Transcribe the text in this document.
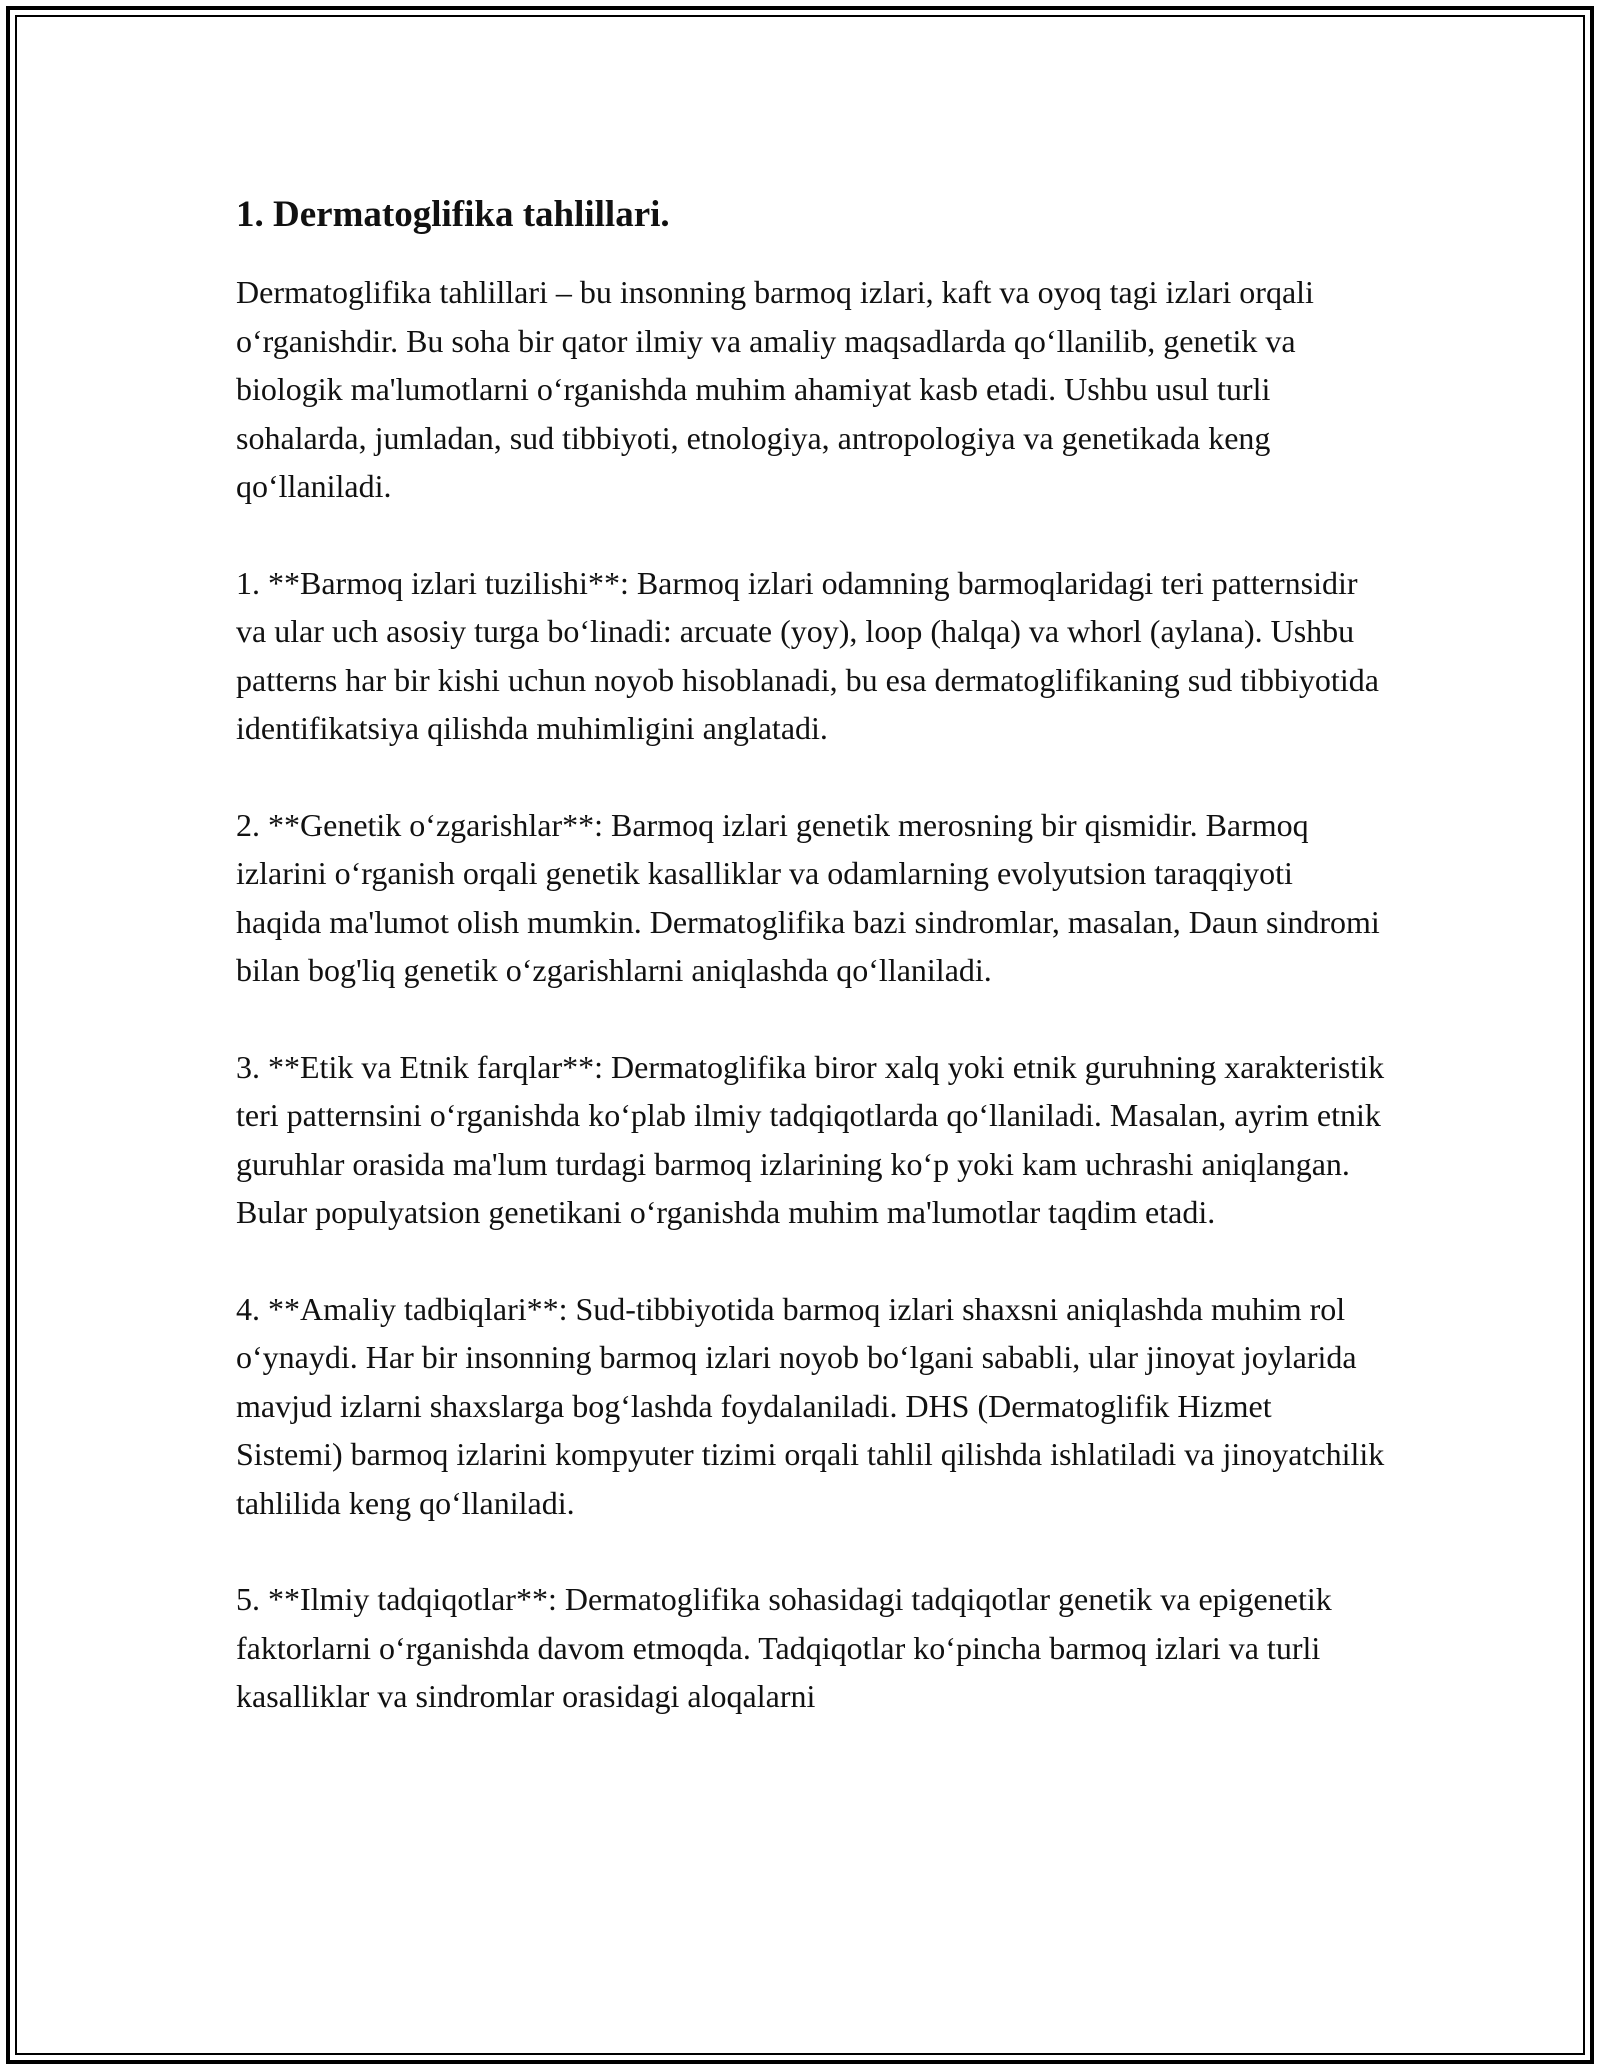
1. Dermatoglifika tahlillari.

Dermatoglifika tahlillari – bu insonning barmoq izlari, kaft va oyoq tagi izlari orqali o‘rganishdir. Bu soha bir qator ilmiy va amaliy maqsadlarda qo‘llanilib, genetik va biologik ma'lumotlarni o‘rganishda muhim ahamiyat kasb etadi. Ushbu usul turli sohalarda, jumladan, sud tibbiyoti, etnologiya, antropologiya va genetikada keng qo‘llaniladi.

1. **Barmoq izlari tuzilishi**: Barmoq izlari odamning barmoqlaridagi teri patternsidir va ular uch asosiy turga bo‘linadi: arcuate (yoy), loop (halqa) va whorl (aylana). Ushbu patterns har bir kishi uchun noyob hisoblanadi, bu esa dermatoglifikaning sud tibbiyotida identifikatsiya qilishda muhimligini anglatadi.

2. **Genetik o‘zgarishlar**: Barmoq izlari genetik merosning bir qismidir. Barmoq izlarini o‘rganish orqali genetik kasalliklar va odamlarning evolyutsion taraqqiyoti haqida ma'lumot olish mumkin. Dermatoglifika bazi sindromlar, masalan, Daun sindromi bilan bog'liq genetik o‘zgarishlarni aniqlashda qo‘llaniladi.

3. **Etik va Etnik farqlar**: Dermatoglifika biror xalq yoki etnik guruhning xarakteristik teri patternsini o‘rganishda ko‘plab ilmiy tadqiqotlarda qo‘llaniladi. Masalan, ayrim etnik guruhlar orasida ma'lum turdagi barmoq izlarining ko‘p yoki kam uchrashi aniqlangan. Bular populyatsion genetikani o‘rganishda muhim ma'lumotlar taqdim etadi.

4. **Amaliy tadbiqlari**: Sud-tibbiyotida barmoq izlari shaxsni aniqlashda muhim rol o‘ynaydi. Har bir insonning barmoq izlari noyob bo‘lgani sababli, ular jinoyat joylarida mavjud izlarni shaxslarga bog‘lashda foydalaniladi. DHS (Dermatoglifik Hizmet Sistemi) barmoq izlarini kompyuter tizimi orqali tahlil qilishda ishlatiladi va jinoyatchilik tahlilida keng qo‘llaniladi.

5. **Ilmiy tadqiqotlar**: Dermatoglifika sohasidagi tadqiqotlar genetik va epigenetik faktorlarni o‘rganishda davom etmoqda. Tadqiqotlar ko‘pincha barmoq izlari va turli kasalliklar va sindromlar orasidagi aloqalarni
